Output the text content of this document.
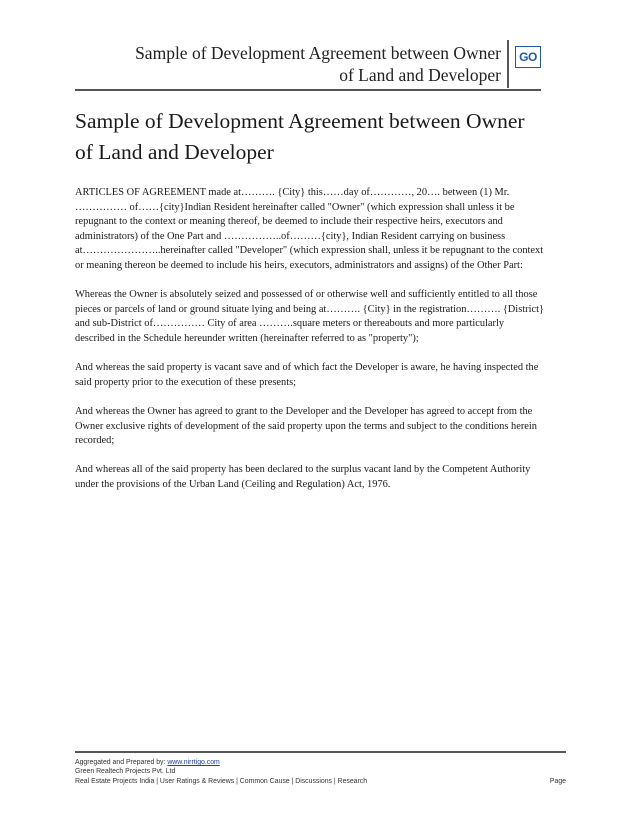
Sample of Development Agreement between Owner
of Land and Developer
GO
Sample of Development Agreement between Owner
of Land and Developer

ARTICLES OF AGREEMENT made at………. {City} this……day of…………, 20…. between (1) Mr. …………… of……{city}Indian Resident hereinafter called "Owner" (which expression shall unless it be repugnant to the context or meaning thereof, be deemed to include their respective heirs, executors and administrators) of the One Part and ……………..of………{city}, Indian Resident carrying on business at…………………..hereinafter called "Developer" (which expression shall, unless it be repugnant to the context or meaning thereon be deemed to include his heirs, executors, administrators and assigns) of the Other Part:

Whereas the Owner is absolutely seized and possessed of or otherwise well and sufficiently entitled to all those pieces or parcels of land or ground situate lying and being at………. {City} in the registration………. {District} and sub-District of…………… City of area ……….square meters or thereabouts and more particularly described in the Schedule hereunder written (hereinafter referred to as "property");

And whereas the said property is vacant save and of which fact the Developer is aware, he having inspected the said property prior to the execution of these presents;

And whereas the Owner has agreed to grant to the Developer and the Developer has agreed to accept from the Owner exclusive rights of development of the said property upon the terms and subject to the conditions herein recorded;

And whereas all of the said property has been declared to the surplus vacant land by the Competent Authority under the provisions of the Urban Land (Ceiling and Regulation) Act, 1976.

Aggregated and Prepared by: www.nirrtigo.com
Green Realtech Projects Pvt. Ltd
Real Estate Projects India | User Ratings & Reviews | Common Cause | Discussions | Research	Page
